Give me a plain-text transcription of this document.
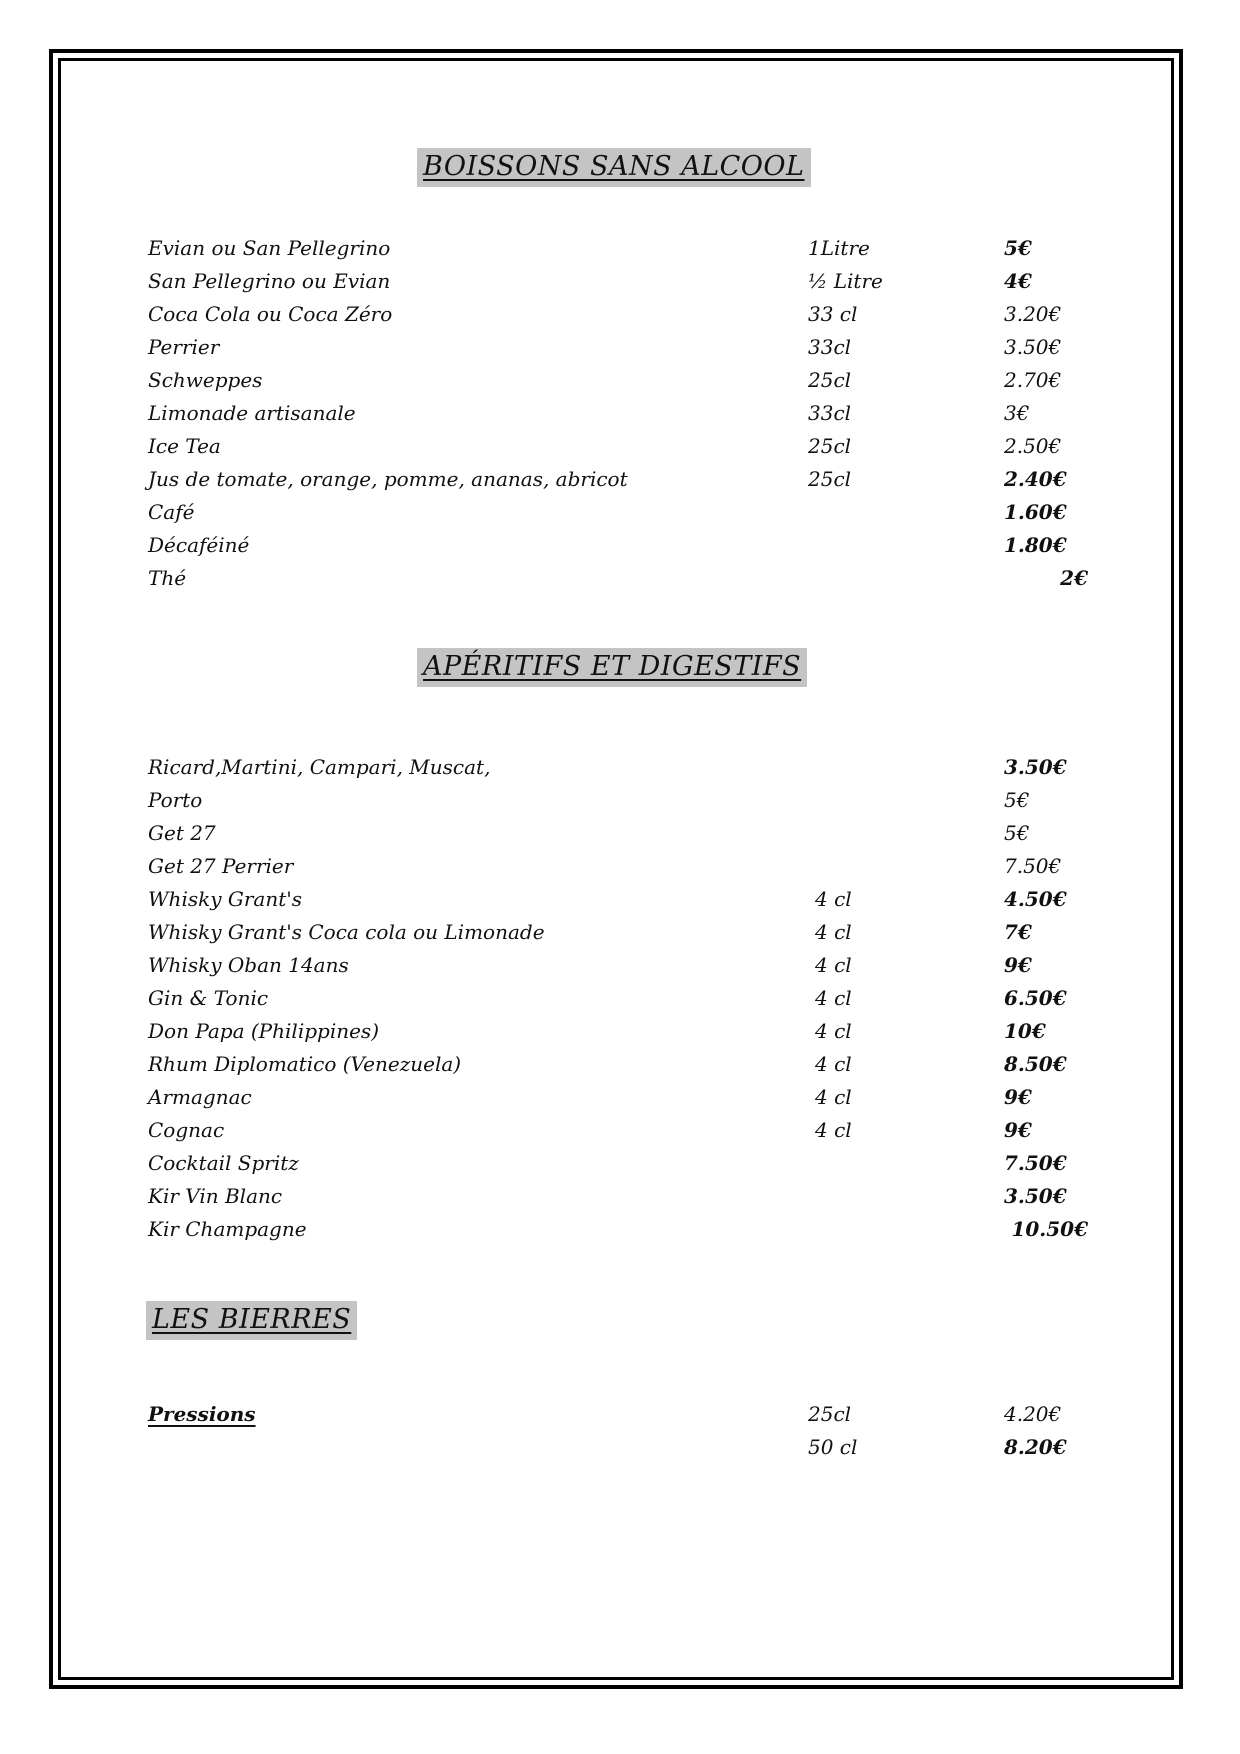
BOISSONS SANS ALCOOL
Evian ou San Pellegrino	1Litre	5€
San Pellegrino ou Evian	½ Litre	4€
Coca Cola ou Coca Zéro	33 cl	3.20€
Perrier	33cl	3.50€
Schweppes	25cl	2.70€
Limonade artisanale	33cl	3€
Ice Tea	25cl	2.50€
Jus de tomate, orange, pomme, ananas, abricot	25cl	2.40€
Café	1.60€
Décaféiné	1.80€
Thé	2€
APÉRITIFS ET DIGESTIFS
Ricard,Martini, Campari, Muscat,	3.50€
Porto	5€
Get 27	5€
Get 27 Perrier	7.50€
Whisky Grant's	4 cl	4.50€
Whisky Grant's Coca cola ou Limonade	4 cl	7€
Whisky Oban 14ans	4 cl	9€
Gin & Tonic	4 cl	6.50€
Don Papa (Philippines)	4 cl	10€
Rhum Diplomatico (Venezuela)	4 cl	8.50€
Armagnac	4 cl	9€
Cognac	4 cl	9€
Cocktail Spritz	7.50€
Kir Vin Blanc	3.50€
Kir Champagne	10.50€
LES BIERRES
Pressions	25cl	4.20€
50 cl	8.20€
